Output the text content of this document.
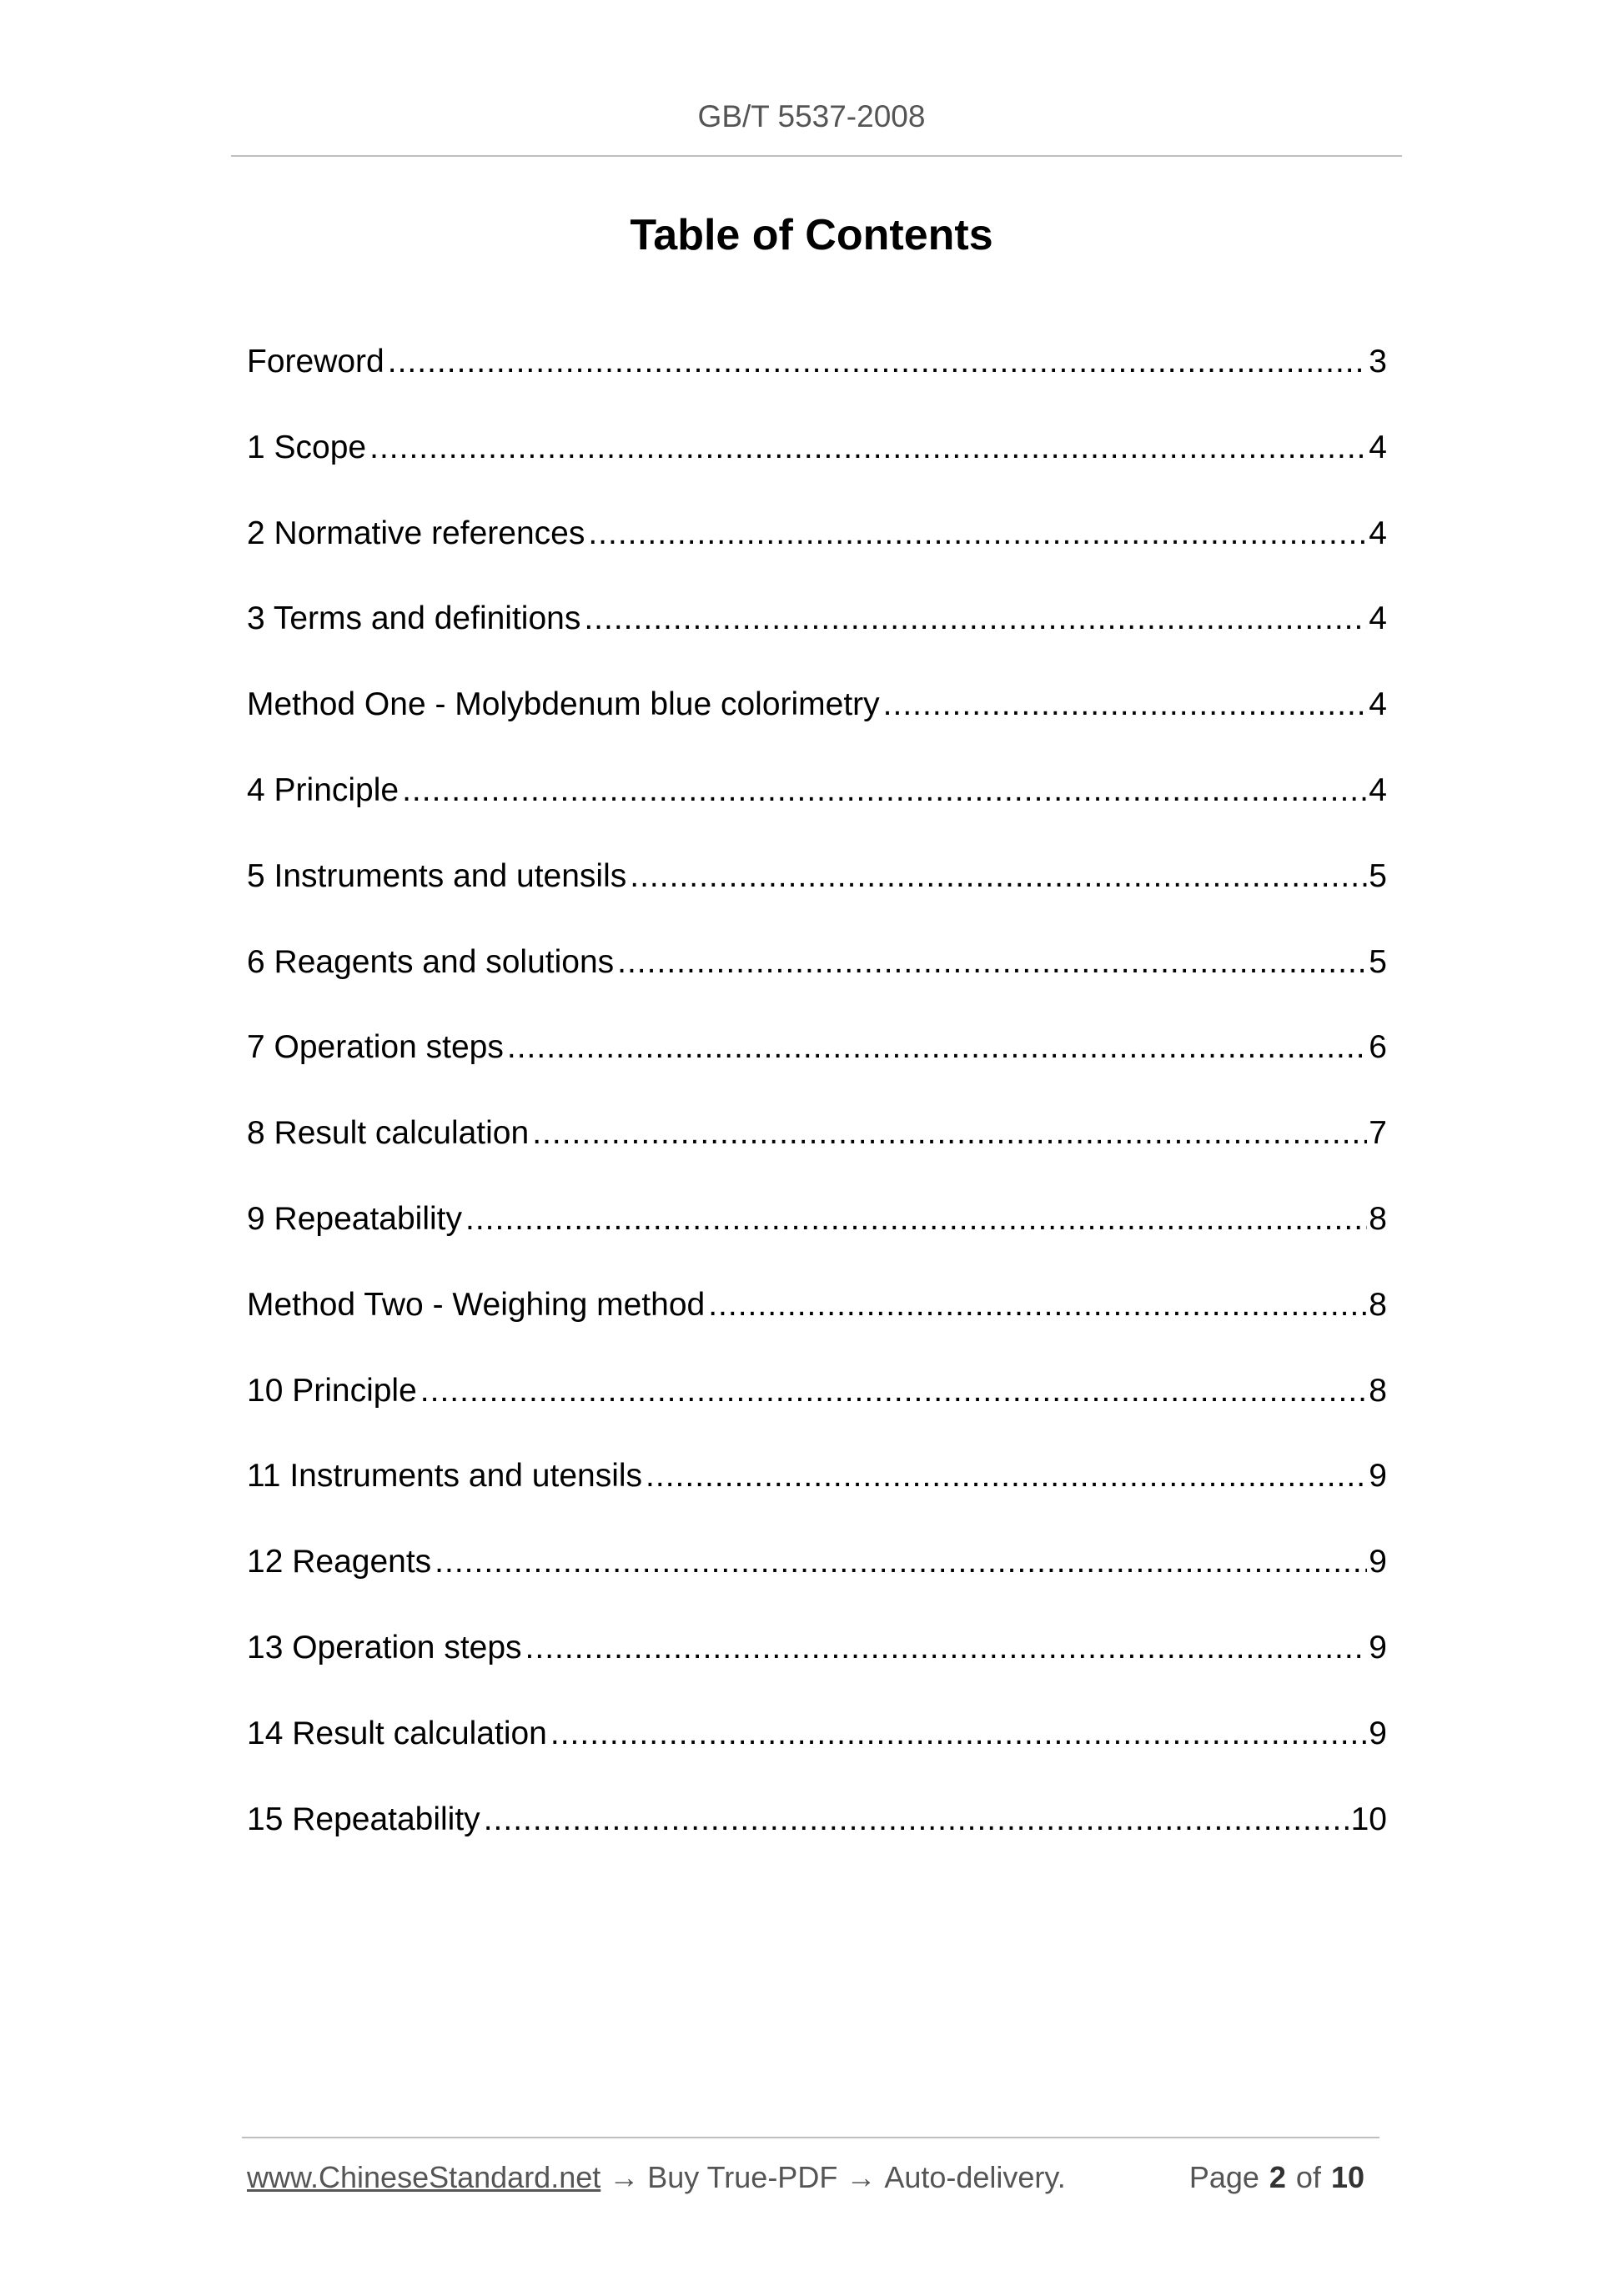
GB/T 5537-2008
Table of Contents
Foreword .....	3
1 Scope .....	4
2 Normative references .....	4
3 Terms and definitions .....	4
Method One - Molybdenum blue colorimetry .....	4
4 Principle .....	4
5 Instruments and utensils .....	5
6 Reagents and solutions .....	5
7 Operation steps .....	6
8 Result calculation .....	7
9 Repeatability .....	8
Method Two - Weighing method .....	8
10 Principle .....	8
11 Instruments and utensils .....	9
12 Reagents .....	9
13 Operation steps .....	9
14 Result calculation .....	9
15 Repeatability .....	10
www.ChineseStandard.net → Buy True-PDF → Auto-delivery.	Page 2 of 10
